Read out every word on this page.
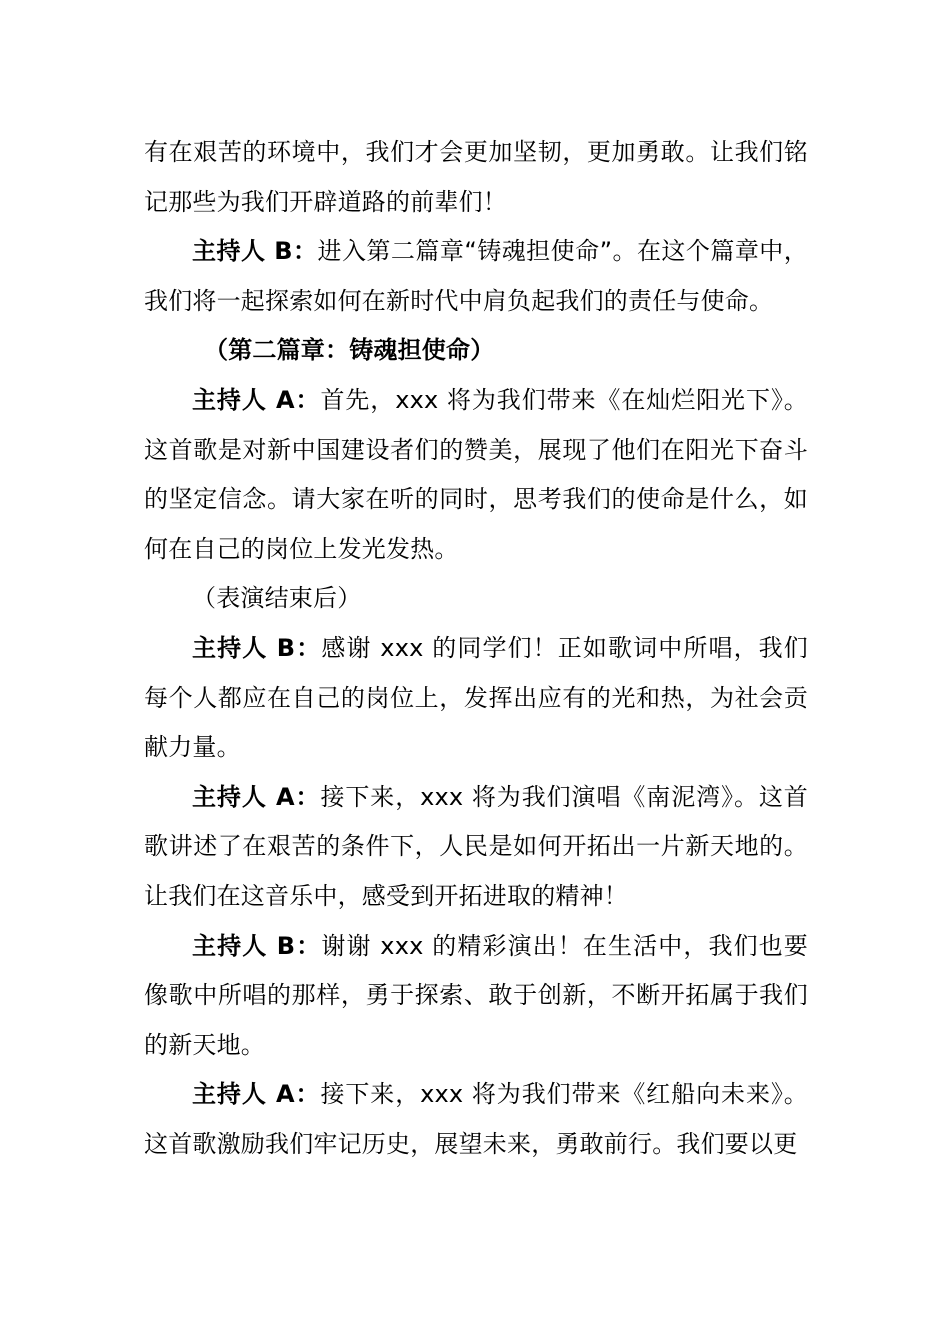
有在艰苦的环境中，我们才会更加坚韧，更加勇敢。让我们铭记那些为我们开辟道路的前辈们！

主持人 B：进入第二篇章“铸魂担使命”。在这个篇章中，我们将一起探索如何在新时代中肩负起我们的责任与使命。

（第二篇章：铸魂担使命）

主持人 A：首先，xxx 将为我们带来《在灿烂阳光下》。这首歌是对新中国建设者们的赞美，展现了他们在阳光下奋斗的坚定信念。请大家在听的同时，思考我们的使命是什么，如何在自己的岗位上发光发热。

（表演结束后）

主持人 B：感谢 xxx 的同学们！正如歌词中所唱，我们每个人都应在自己的岗位上，发挥出应有的光和热，为社会贡献力量。

主持人 A：接下来，xxx 将为我们演唱《南泥湾》。这首歌讲述了在艰苦的条件下，人民是如何开拓出一片新天地的。让我们在这音乐中，感受到开拓进取的精神！

主持人 B：谢谢 xxx 的精彩演出！在生活中，我们也要像歌中所唱的那样，勇于探索、敢于创新，不断开拓属于我们的新天地。

主持人 A：接下来，xxx 将为我们带来《红船向未来》。这首歌激励我们牢记历史，展望未来，勇敢前行。我们要以更
